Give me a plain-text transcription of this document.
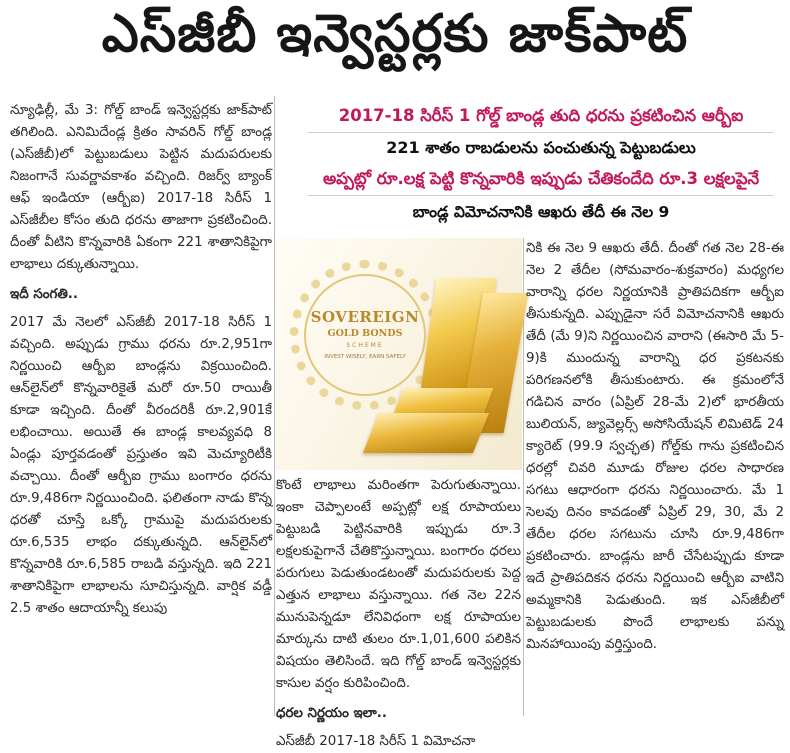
ఎస్‌జీబీ ఇన్వెస్టర్లకు జాక్‌పాట్‌

న్యూఢిల్లీ, మే 3: గోల్డ్‌ బాండ్‌ ఇన్వెస్టర్లకు జాక్‌పాట్‌ తగిలింది. ఎనిమిదేండ్ల క్రితం సావరిన్‌ గోల్డ్‌ బాండ్ల (ఎస్‌జీబీ)లో పెట్టుబడులు పెట్టిన మదుపరులకు నిజంగానే సువర్ణావకాశం వచ్చింది. రిజర్వ్‌ బ్యాంక్‌ ఆఫ్‌ ఇండియా (ఆర్బీఐ) 2017-18 సిరీస్‌ 1 ఎస్‌జీబీల కోసం తుది ధరను తాజాగా ప్రకటించింది. దీంతో వీటిని కొన్నవారికి ఏకంగా 221 శాతానికిపైగా లాభాలు దక్కుతున్నాయి.

ఇదీ సంగతి..

2017 మే నెలలో ఎస్‌జీబీ 2017-18 సిరీస్‌ 1 వచ్చింది. అప్పుడు గ్రాము ధరను రూ.2,951గా నిర్ణయించి ఆర్బీఐ బాండ్లను విక్రయించింది. ఆన్‌లైన్‌లో కొన్నవారికైతే మరో రూ.50 రాయితీ కూడా ఇచ్చింది. దీంతో వీరందరికీ రూ.2,901కే లభించాయి. అయితే ఈ బాండ్ల కాలవ్యవధి 8 ఏండ్లు పూర్తవడంతో ప్రస్తుతం ఇవి మెచ్యూరిటీకి వచ్చాయి. దీంతో ఆర్బీఐ గ్రాము బంగారం ధరను రూ.9,486గా నిర్ణయించింది. ఫలితంగా నాడు కొన్న ధరతో చూస్తే ఒక్కో గ్రాముపై మదుపరులకు రూ.6,535 లాభం దక్కుతున్నది. ఆన్‌లైన్‌లో కొన్నవారికి రూ.6,585 రాబడి వస్తున్నది. ఇది 221 శాతానికిపైగా లాభాలను సూచిస్తున్నది. వార్షిక వడ్డీ 2.5 శాతం ఆదాయాన్నీ కలుపు

2017-18 సిరీస్‌ 1 గోల్డ్‌ బాండ్ల తుది ధరను ప్రకటించిన ఆర్బీఐ
221 శాతం రాబడులను పంచుతున్న పెట్టుబడులు
అప్పట్లో రూ.లక్ష పెట్టి కొన్నవారికి ఇప్పుడు చేతికందేది రూ.3 లక్షలపైనే
బాండ్ల విమోచనానికి ఆఖరు తేదీ ఈ నెల 9
SOVEREIGN
GOLD BONDS
SCHEME
INVEST WISELY, EARN SAFELY

కొంటే లాభాలు మరింతగా పెరుగుతున్నాయి. ఇంకా చెప్పాలంటే అప్పట్లో లక్ష రూపాయలు పెట్టుబడి పెట్టినవారికి ఇప్పుడు రూ.3 లక్షలకుపైగానే చేతికొస్తున్నాయి. బంగారం ధరలు పరుగులు పెడుతుండటంతో మదుపరులకు పెద్ద ఎత్తున లాభాలు వస్తున్నాయి. గత నెల 22న మునుపెన్నడూ లేనివిధంగా లక్ష రూపాయల మార్కును దాటి తులం రూ.1,01,600 పలికిన విషయం తెలిసిందే. ఇది గోల్డ్‌ బాండ్‌ ఇన్వెస్టర్లకు కాసుల వర్షం కురిపించింది.

ధరల నిర్ణయం ఇలా..

ఎస్‌జీబీ 2017-18 సిరీస్‌ 1 విమోచనా

నికి ఈ నెల 9 ఆఖరు తేదీ. దీంతో గత నెల 28-ఈ నెల 2 తేదీల (సోమవారం-శుక్రవారం) మధ్యగల వారాన్ని ధరల నిర్ణయానికి ప్రాతిపదికగా ఆర్బీఐ తీసుకున్నది. ఎప్పుడైనా సరే విమోచనానికి ఆఖరు తేదీ (మే 9)ని నిర్ణయించిన వారాని (ఈసారి మే 5-9)కి ముందున్న వారాన్ని ధర ప్రకటనకు పరిగణనలోకి తీసుకుంటారు. ఈ క్రమంలోనే గడిచిన వారం (ఏప్రిల్‌ 28-మే 2)లో భారతీయ బులియన్‌, జ్యువెల్లర్స్‌ అసోసియేషన్‌ లిమిటెడ్‌ 24 క్యారెట్‌ (99.9 స్వచ్ఛత) గోల్డ్‌కు గాను ప్రకటించిన ధరల్లో చివరి మూడు రోజుల ధరల సాధారణ సగటు ఆధారంగా ధరను నిర్ణయించారు. మే 1 సెలవు దినం కావడంతో ఏప్రిల్‌ 29, 30, మే 2 తేదీల ధరల సగటును చూసి రూ.9,486గా ప్రకటించారు. బాండ్లను జారీ చేసేటప్పుడు కూడా ఇదే ప్రాతిపదికన ధరను నిర్ణయించి ఆర్బీఐ వాటిని అమ్మకానికి పెడుతుంది. ఇక ఎస్‌జీబీలో పెట్టుబడులకు పొందే లాభాలకు పన్ను మినహాయింపు వర్తిస్తుంది.
